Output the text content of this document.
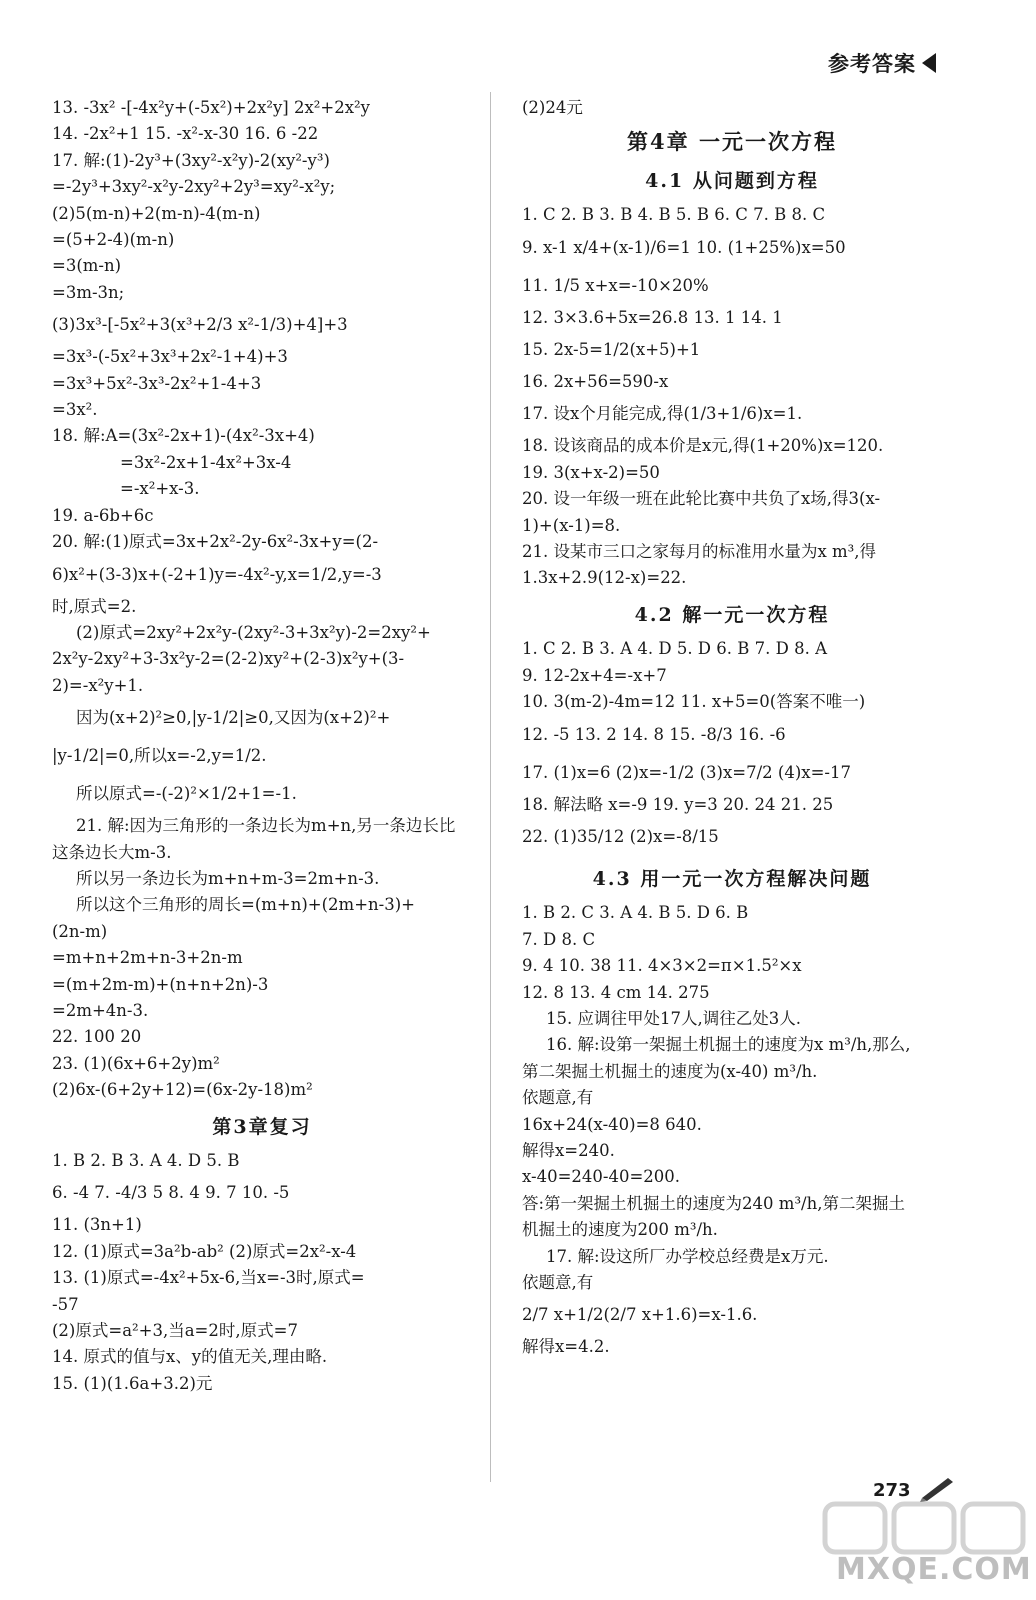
参考答案
13. -3x² -[-4x²y+(-5x²)+2x²y] 2x²+2x²y
14. -2x²+1 15. -x²-x-30 16. 6 -22
17. 解:(1)-2y³+(3xy²-x²y)-2(xy²-y³)
=-2y³+3xy²-x²y-2xy²+2y³=xy²-x²y;
(2)5(m-n)+2(m-n)-4(m-n)
=(5+2-4)(m-n)
=3(m-n)
=3m-3n;
(3)3x³-[-5x²+3(x³+2/3 x²-1/3)+4]+3
=3x³-(-5x²+3x³+2x²-1+4)+3
=3x³+5x²-3x³-2x²+1-4+3
=3x².
18. 解:A=(3x²-2x+1)-(4x²-3x+4)
=3x²-2x+1-4x²+3x-4
=-x²+x-3.
19. a-6b+6c
20. 解:(1)原式=3x+2x²-2y-6x²-3x+y=(2-
6)x²+(3-3)x+(-2+1)y=-4x²-y,x=1/2,y=-3
时,原式=2.
(2)原式=2xy²+2x²y-(2xy²-3+3x²y)-2=2xy²+
2x²y-2xy²+3-3x²y-2=(2-2)xy²+(2-3)x²y+(3-
2)=-x²y+1.
因为(x+2)²≥0,|y-1/2|≥0,又因为(x+2)²+
|y-1/2|=0,所以x=-2,y=1/2.
所以原式=-(-2)²×1/2+1=-1.
21. 解:因为三角形的一条边长为m+n,另一条边长比
这条边长大m-3.
所以另一条边长为m+n+m-3=2m+n-3.
所以这个三角形的周长=(m+n)+(2m+n-3)+
(2n-m)
=m+n+2m+n-3+2n-m
=(m+2m-m)+(n+n+2n)-3
=2m+4n-3.
22. 100 20
23. (1)(6x+6+2y)m²
(2)6x-(6+2y+12)=(6x-2y-18)m²
第3章复习
1. B 2. B 3. A 4. D 5. B
6. -4 7. -4/3 5 8. 4 9. 7 10. -5
11. (3n+1)
12. (1)原式=3a²b-ab² (2)原式=2x²-x-4
13. (1)原式=-4x²+5x-6,当x=-3时,原式=
-57
(2)原式=a²+3,当a=2时,原式=7
14. 原式的值与x、y的值无关,理由略.
15. (1)(1.6a+3.2)元
(2)24元
第4章 一元一次方程
4.1 从问题到方程
1. C 2. B 3. B 4. B 5. B 6. C 7. B 8. C
9. x-1 x/4+(x-1)/6=1 10. (1+25%)x=50
11. 1/5 x+x=-10×20%
12. 3×3.6+5x=26.8 13. 1 14. 1
15. 2x-5=1/2(x+5)+1
16. 2x+56=590-x
17. 设x个月能完成,得(1/3+1/6)x=1.
18. 设该商品的成本价是x元,得(1+20%)x=120.
19. 3(x+x-2)=50
20. 设一年级一班在此轮比赛中共负了x场,得3(x-
1)+(x-1)=8.
21. 设某市三口之家每月的标准用水量为x m³,得
1.3x+2.9(12-x)=22.
4.2 解一元一次方程
1. C 2. B 3. A 4. D 5. D 6. B 7. D 8. A
9. 12-2x+4=-x+7
10. 3(m-2)-4m=12 11. x+5=0(答案不唯一)
12. -5 13. 2 14. 8 15. -8/3 16. -6
17. (1)x=6 (2)x=-1/2 (3)x=7/2 (4)x=-17
18. 解法略 x=-9 19. y=3 20. 24 21. 25
22. (1)35/12 (2)x=-8/15
4.3 用一元一次方程解决问题
1. B 2. C 3. A 4. B 5. D 6. B
7. D 8. C
9. 4 10. 38 11. 4×3×2=π×1.5²×x
12. 8 13. 4 cm 14. 275
15. 应调往甲处17人,调往乙处3人.
16. 解:设第一架掘土机掘土的速度为x m³/h,那么,
第二架掘土机掘土的速度为(x-40) m³/h.
依题意,有
16x+24(x-40)=8 640.
解得x=240.
x-40=240-40=200.
答:第一架掘土机掘土的速度为240 m³/h,第二架掘土
机掘土的速度为200 m³/h.
17. 解:设这所厂办学校总经费是x万元.
依题意,有
2/7 x+1/2(2/7 x+1.6)=x-1.6.
解得x=4.2.
273
MXQE.COM
